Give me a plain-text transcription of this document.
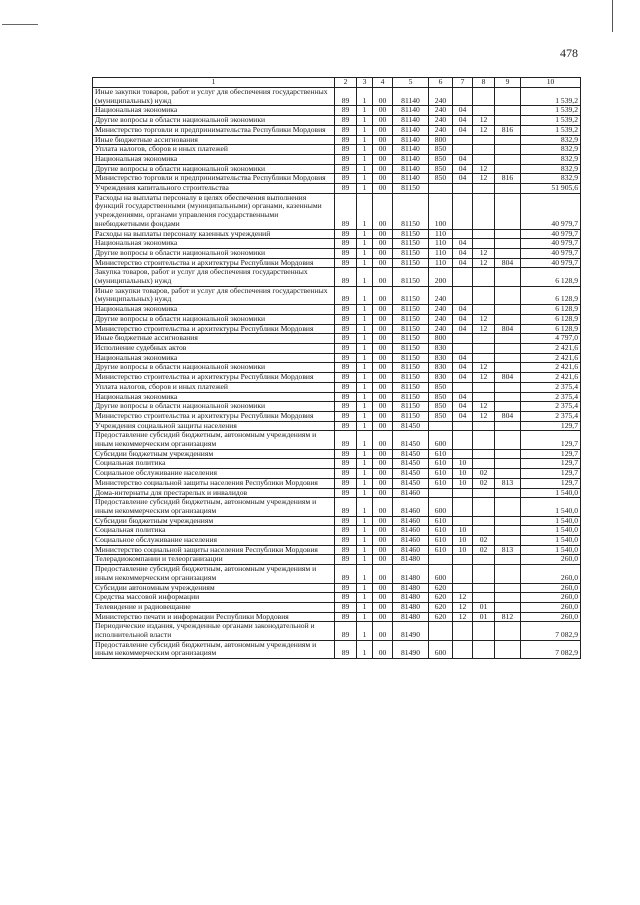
478
1	2	3	4	5	6	7	8	9	10
Иные закупки товаров, работ и услуг для обеспечения государственных (муниципальных) нужд	89	1	00	81140	240				1 539,2
Национальная экономика	89	1	00	81140	240	04			1 539,2
Другие вопросы в области национальной экономики	89	1	00	81140	240	04	12		1 539,2
Министерство торговли и предпринимательства Республики Мордовия	89	1	00	81140	240	04	12	816	1 539,2
Иные бюджетные ассигнования	89	1	00	81140	800				832,9
Уплата налогов, сборов и иных платежей	89	1	00	81140	850				832,9
Национальная экономика	89	1	00	81140	850	04			832,9
Другие вопросы в области национальной экономики	89	1	00	81140	850	04	12		832,9
Министерство торговли и предпринимательства Республики Мордовия	89	1	00	81140	850	04	12	816	832,9
Учреждения капитального строительства	89	1	00	81150					51 905,6
Расходы на выплаты персоналу в целях обеспечения выполнения функций государственными (муниципальными) органами, казенными учреждениями, органами управления государственными внебюджетными фондами	89	1	00	81150	100				40 979,7
Расходы на выплаты персоналу казенных учреждений	89	1	00	81150	110				40 979,7
Национальная экономика	89	1	00	81150	110	04			40 979,7
Другие вопросы в области национальной экономики	89	1	00	81150	110	04	12		40 979,7
Министерство строительства и архитектуры Республики Мордовия	89	1	00	81150	110	04	12	804	40 979,7
Закупка товаров, работ и услуг для обеспечения государственных (муниципальных) нужд	89	1	00	81150	200				6 128,9
Иные закупки товаров, работ и услуг для обеспечения государственных (муниципальных) нужд	89	1	00	81150	240				6 128,9
Национальная экономика	89	1	00	81150	240	04			6 128,9
Другие вопросы в области национальной экономики	89	1	00	81150	240	04	12		6 128,9
Министерство строительства и архитектуры Республики Мордовия	89	1	00	81150	240	04	12	804	6 128,9
Иные бюджетные ассигнования	89	1	00	81150	800				4 797,0
Исполнение судебных актов	89	1	00	81150	830				2 421,6
Национальная экономика	89	1	00	81150	830	04			2 421,6
Другие вопросы в области национальной экономики	89	1	00	81150	830	04	12		2 421,6
Министерство строительства и архитектуры Республики Мордовия	89	1	00	81150	830	04	12	804	2 421,6
Уплата налогов, сборов и иных платежей	89	1	00	81150	850				2 375,4
Национальная экономика	89	1	00	81150	850	04			2 375,4
Другие вопросы в области национальной экономики	89	1	00	81150	850	04	12		2 375,4
Министерство строительства и архитектуры Республики Мордовия	89	1	00	81150	850	04	12	804	2 375,4
Учреждения социальной защиты населения	89	1	00	81450					129,7
Предоставление субсидий бюджетным, автономным учреждениям и иным некоммерческим организациям	89	1	00	81450	600				129,7
Субсидии бюджетным учреждениям	89	1	00	81450	610				129,7
Социальная политика	89	1	00	81450	610	10			129,7
Социальное обслуживание населения	89	1	00	81450	610	10	02		129,7
Министерство социальной защиты населения Республики Мордовия	89	1	00	81450	610	10	02	813	129,7
Дома-интернаты для престарелых и инвалидов	89	1	00	81460					1 540,0
Предоставление субсидий бюджетным, автономным учреждениям и иным некоммерческим организациям	89	1	00	81460	600				1 540,0
Субсидии бюджетным учреждениям	89	1	00	81460	610				1 540,0
Социальная политика	89	1	00	81460	610	10			1 540,0
Социальное обслуживание населения	89	1	00	81460	610	10	02		1 540,0
Министерство социальной защиты населения Республики Мордовия	89	1	00	81460	610	10	02	813	1 540,0
Телерадиокомпании и телеорганизации	89	1	00	81480					260,0
Предоставление субсидий бюджетным, автономным учреждениям и иным некоммерческим организациям	89	1	00	81480	600				260,0
Субсидии автономным учреждениям	89	1	00	81480	620				260,0
Средства массовой информации	89	1	00	81480	620	12			260,0
Телевидение и радиовещание	89	1	00	81480	620	12	01		260,0
Министерство печати и информации Республики Мордовия	89	1	00	81480	620	12	01	812	260,0
Периодические издания, учрежденные органами законодательной и исполнительной власти	89	1	00	81490					7 082,9
Предоставление субсидий бюджетным, автономным учреждениям и иным некоммерческим организациям	89	1	00	81490	600				7 082,9
